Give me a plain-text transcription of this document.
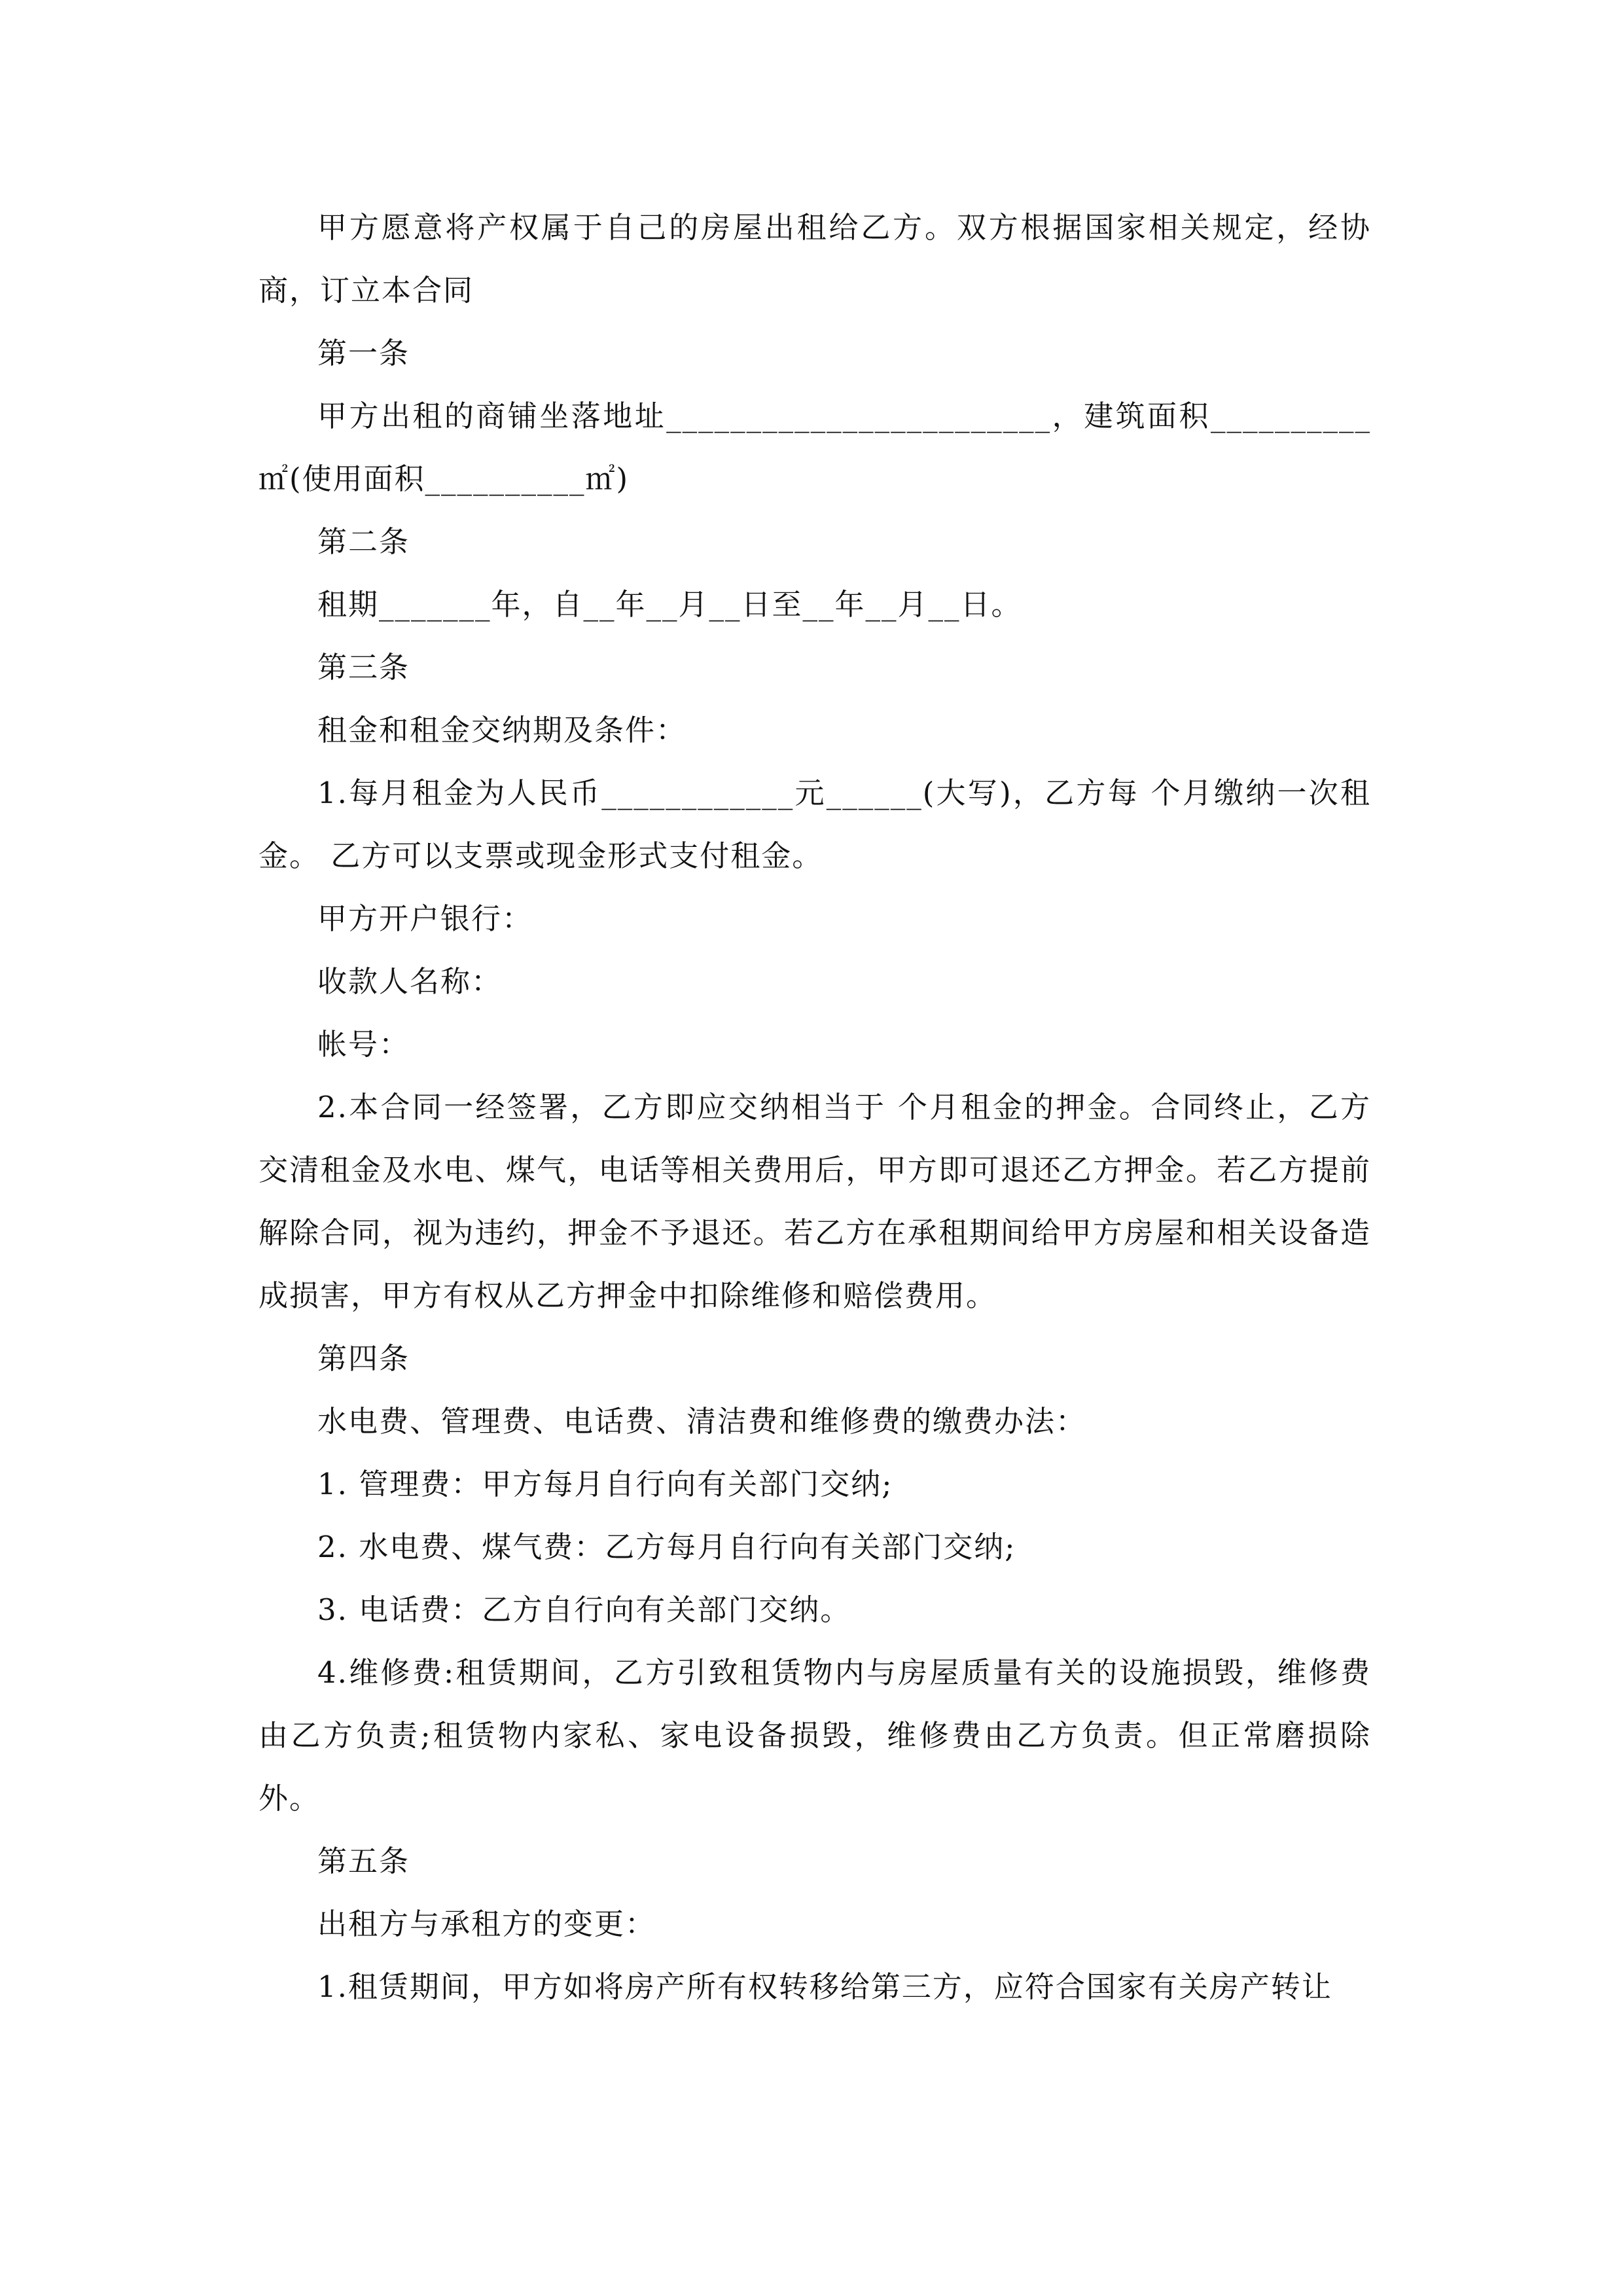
甲方愿意将产权属于自己的房屋出租给乙方。双方根据国家相关规定，经协商，订立本合同

第一条

甲方出租的商铺坐落地址________________________，建筑面积__________ ㎡(使用面积__________㎡)

第二条

租期_______年，自__年__月__日至__年__月__日。

第三条

租金和租金交纳期及条件：

1.每月租金为人民币____________元______(大写)，乙方每 个月缴纳一次租金。 乙方可以支票或现金形式支付租金。

甲方开户银行：

收款人名称：

帐号：

2.本合同一经签署，乙方即应交纳相当于 个月租金的押金。合同终止，乙方交清租金及水电、煤气，电话等相关费用后，甲方即可退还乙方押金。若乙方提前解除合同，视为违约，押金不予退还。若乙方在承租期间给甲方房屋和相关设备造成损害，甲方有权从乙方押金中扣除维修和赔偿费用。

第四条

水电费、管理费、电话费、清洁费和维修费的缴费办法：

1. 管理费：甲方每月自行向有关部门交纳;

2. 水电费、煤气费：乙方每月自行向有关部门交纳;

3. 电话费：乙方自行向有关部门交纳。

4.维修费:租赁期间，乙方引致租赁物内与房屋质量有关的设施损毁，维修费由乙方负责;租赁物内家私、家电设备损毁，维修费由乙方负责。但正常磨损除外。

第五条

出租方与承租方的变更：

1.租赁期间，甲方如将房产所有权转移给第三方，应符合国家有关房产转让
